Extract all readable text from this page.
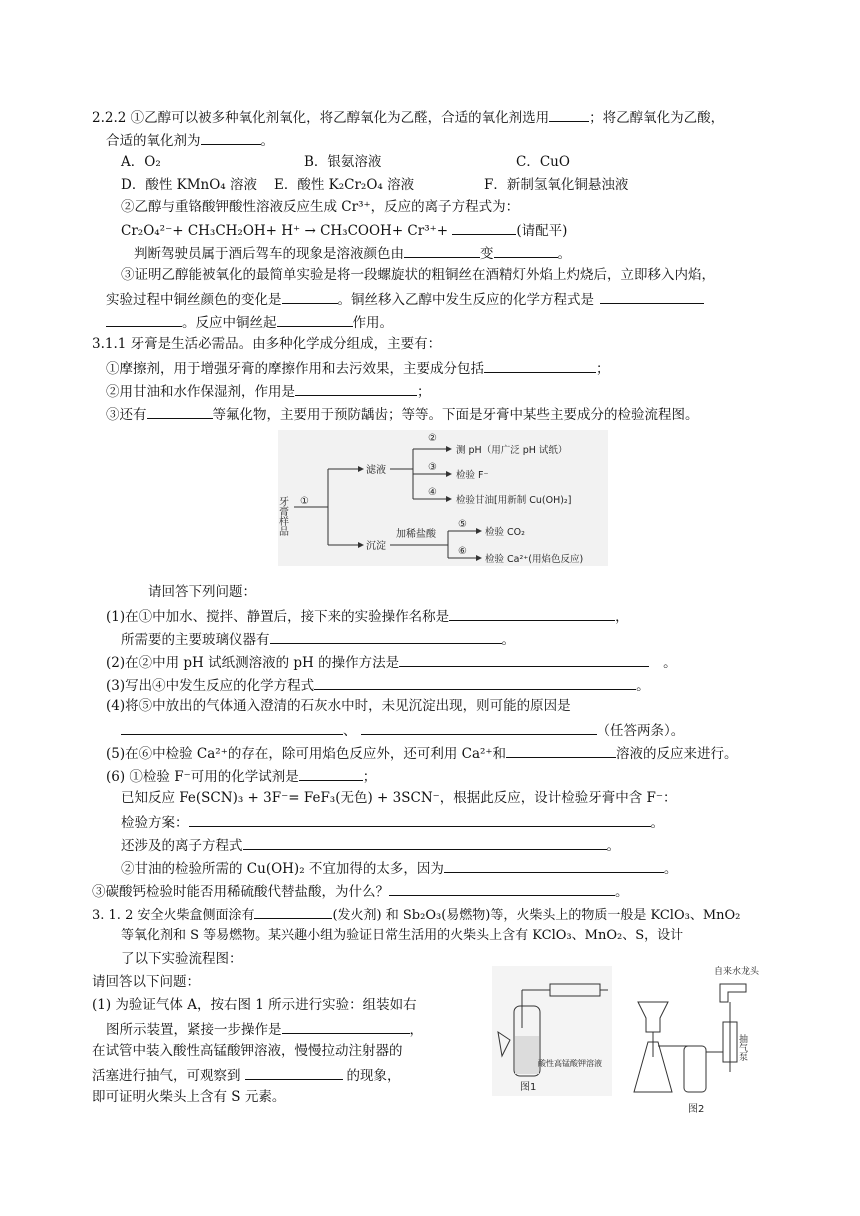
2.2.2 ①乙醇可以被多种氧化剂氧化，将乙醇氧化为乙醛，合适的氧化剂选用	；将乙醇氧化为乙酸，
合适的氧化剂为	。
A．O₂	B．银氨溶液	C．CuO
D．酸性 KMnO₄ 溶液 E．酸性 K₂Cr₂O₄ 溶液	F．新制氢氧化铜悬浊液
②乙醇与重铬酸钾酸性溶液反应生成 Cr³⁺，反应的离子方程式为：
Cr₂O₄²⁻+ CH₃CH₂OH+ H⁺ → CH₃COOH+ Cr³⁺+	(请配平)
判断驾驶员属于酒后驾车的现象是溶液颜色由	变	。
③证明乙醇能被氧化的最简单实验是将一段螺旋状的粗铜丝在酒精灯外焰上灼烧后，立即移入内焰，
实验过程中铜丝颜色的变化是	。铜丝移入乙醇中发生反应的化学方程式是
。反应中铜丝起	作用。
3.1.1 牙膏是生活必需品。由多种化学成分组成，主要有：
①摩擦剂，用于增强牙膏的摩擦作用和去污效果，主要成分包括	；
②用甘油和水作保湿剂，作用是	；
③还有	等氟化物，主要用于预防龋齿；等等。下面是牙膏中某些主要成分的检验流程图。
牙膏样品 ①
滤液
沉淀
②
③
④
测 pH（用广泛 pH 试纸）
检验 F⁻
检验甘油[用新制 Cu(OH)₂]
加稀盐酸
⑤
⑥
检验 CO₂
检验 Ca²⁺(用焰色反应)
请回答下列问题：
(1)在①中加水、搅拌、静置后，接下来的实验操作名称是	，
所需要的主要玻璃仪器有	。
(2)在②中用 pH 试纸测溶液的 pH 的操作方法是	。
(3)写出④中发生反应的化学方程式	。
(4)将⑤中放出的气体通入澄清的石灰水中时，未见沉淀出现，则可能的原因是
、	（任答两条）。
(5)在⑥中检验 Ca²⁺的存在，除可用焰色反应外，还可利用 Ca²⁺和	溶液的反应来进行。
(6) ①检验 F⁻可用的化学试剂是	；
已知反应 Fe(SCN)₃ + 3F⁻= FeF₃(无色) + 3SCN⁻，根据此反应，设计检验牙膏中含 F⁻：
检验方案：	。
还涉及的离子方程式	。
②甘油的检验所需的 Cu(OH)₂ 不宜加得的太多，因为	。
③碳酸钙检验时能否用稀硫酸代替盐酸，为什么？	。
3. 1. 2 安全火柴盒侧面涂有	(发火剂) 和 Sb₂O₃(易燃物)等，火柴头上的物质一般是 KClO₃、MnO₂
等氧化剂和 S 等易燃物。某兴趣小组为验证日常生活用的火柴头上含有 KClO₃、MnO₂、S，设计
了以下实验流程图：
请回答以下问题：
(1) 为验证气体 A，按右图 1 所示进行实验：组装如右
图所示装置，紧接一步操作是	，
在试管中装入酸性高锰酸钾溶液，慢慢拉动注射器的
活塞进行抽气，可观察到	的现象，
即可证明火柴头上含有 S 元素。
酸性高锰酸钾溶液
图1
自来水龙头
抽气泵
图2
